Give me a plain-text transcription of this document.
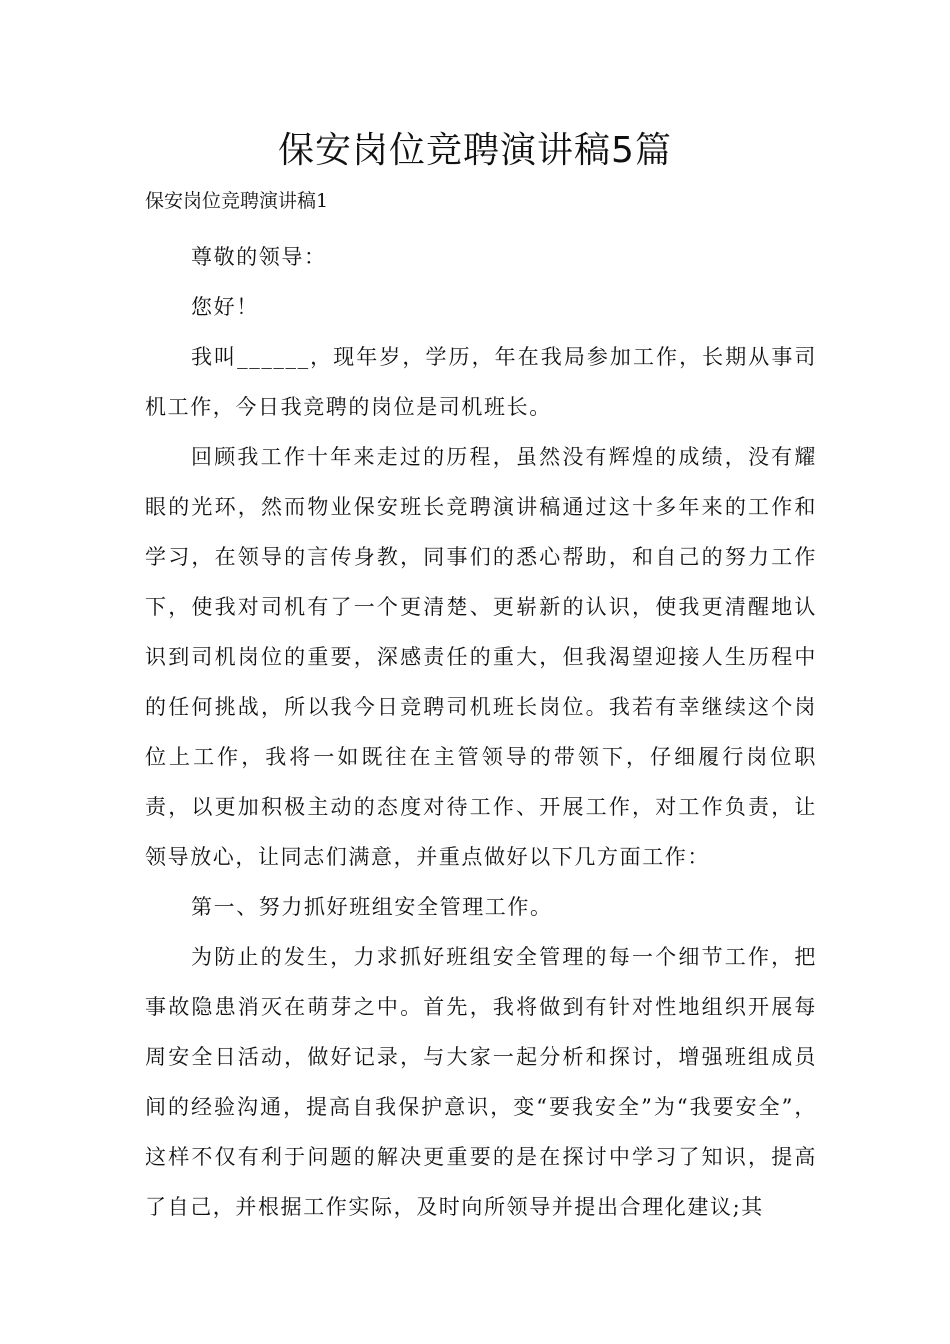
保安岗位竞聘演讲稿5篇

保安岗位竞聘演讲稿1

尊敬的领导：

您好！

我叫______，现年岁，学历，年在我局参加工作，长期从事司机工作，今日我竞聘的岗位是司机班长。

回顾我工作十年来走过的历程，虽然没有辉煌的成绩，没有耀眼的光环，然而物业保安班长竞聘演讲稿通过这十多年来的工作和学习，在领导的言传身教，同事们的悉心帮助，和自己的努力工作下，使我对司机有了一个更清楚、更崭新的认识，使我更清醒地认识到司机岗位的重要，深感责任的重大，但我渴望迎接人生历程中的任何挑战，所以我今日竞聘司机班长岗位。我若有幸继续这个岗位上工作，我将一如既往在主管领导的带领下，仔细履行岗位职责，以更加积极主动的态度对待工作、开展工作，对工作负责，让领导放心，让同志们满意，并重点做好以下几方面工作：

第一、努力抓好班组安全管理工作。

为防止的发生，力求抓好班组安全管理的每一个细节工作，把事故隐患消灭在萌芽之中。首先，我将做到有针对性地组织开展每周安全日活动，做好记录，与大家一起分析和探讨，增强班组成员间的经验沟通，提高自我保护意识，变“要我安全”为“我要安全”，这样不仅有利于问题的解决更重要的是在探讨中学习了知识，提高了自己，并根据工作实际，及时向所领导并提出合理化建议;其
